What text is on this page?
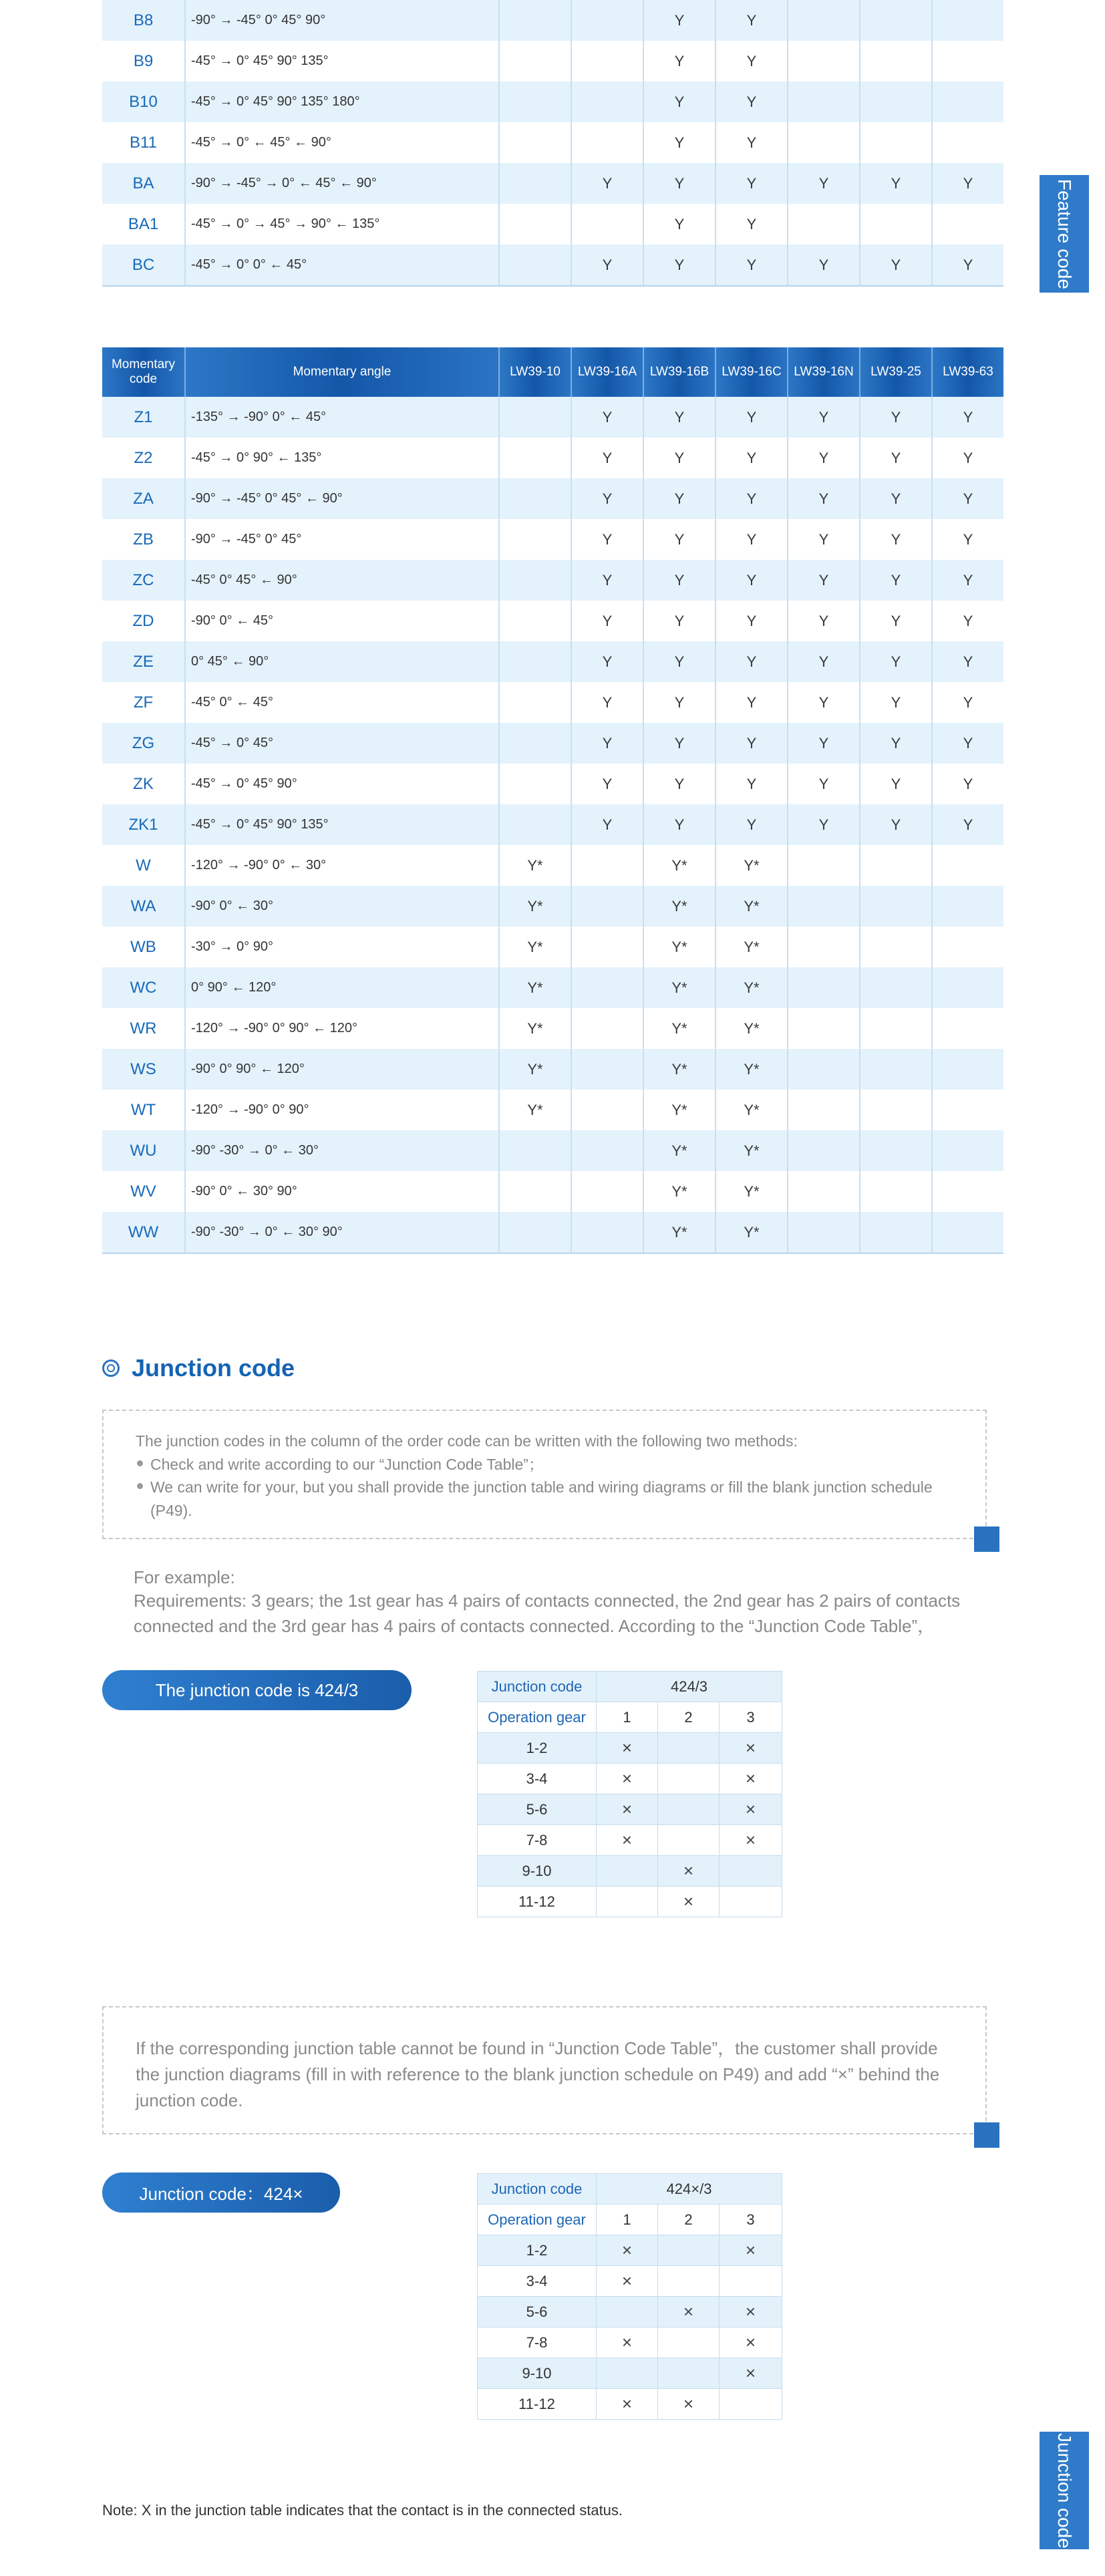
B8	-90° → -45° 0° 45° 90°			Y	Y			
B9	-45° → 0° 45° 90° 135°			Y	Y			
B10	-45° → 0° 45° 90° 135° 180°			Y	Y			
B11	-45° → 0° ← 45° ← 90°			Y	Y			
BA	-90° → -45° → 0° ← 45° ← 90°		Y	Y	Y	Y	Y	Y
BA1	-45° → 0° → 45° → 90° ← 135°			Y	Y			
BC	-45° → 0° 0° ← 45°		Y	Y	Y	Y	Y	Y	Feature code
Momentary code	Momentary angle	LW39-10	LW39-16A	LW39-16B	LW39-16C	LW39-16N	LW39-25	LW39-63
Z1	-135° → -90° 0° ← 45°		Y	Y	Y	Y	Y	Y
Z2	-45° → 0° 90° ← 135°		Y	Y	Y	Y	Y	Y
ZA	-90° → -45° 0° 45° ← 90°		Y	Y	Y	Y	Y	Y
ZB	-90° → -45° 0° 45°		Y	Y	Y	Y	Y	Y
ZC	-45° 0° 45° ← 90°		Y	Y	Y	Y	Y	Y
ZD	-90° 0° ← 45°		Y	Y	Y	Y	Y	Y
ZE	0° 45° ← 90°		Y	Y	Y	Y	Y	Y
ZF	-45° 0° ← 45°		Y	Y	Y	Y	Y	Y
ZG	-45° → 0° 45°		Y	Y	Y	Y	Y	Y
ZK	-45° → 0° 45° 90°		Y	Y	Y	Y	Y	Y
ZK1	-45° → 0° 45° 90° 135°		Y	Y	Y	Y	Y	Y
W	-120° → -90° 0° ← 30°	Y*		Y*	Y*			
WA	-90° 0° ← 30°	Y*		Y*	Y*			
WB	-30° → 0° 90°	Y*		Y*	Y*			
WC	0° 90° ← 120°	Y*		Y*	Y*			
WR	-120° → -90° 0° 90° ← 120°	Y*		Y*	Y*			
WS	-90° 0° 90° ← 120°	Y*		Y*	Y*			
WT	-120° → -90° 0° 90°	Y*		Y*	Y*			
WU	-90° -30° → 0° ← 30°			Y*	Y*			
WV	-90° 0° ← 30° 90°			Y*	Y*			
WW	-90° -30° → 0° ← 30° 90°			Y*	Y*			
Junction code
The junction codes in the column of the order code can be written with the following two methods:
Check and write according to our “Junction Code Table”；
We can write for your, but you shall provide the junction table and wiring diagrams or fill the blank junction schedule (P49).
For example:
Requirements: 3 gears; the 1st gear has 4 pairs of contacts connected, the 2nd gear has 2 pairs of contacts connected and the 3rd gear has 4 pairs of contacts connected. According to the “Junction Code Table”，
The junction code is 424/3	Junction code	424/3		
Operation gear	1	2	3
1-2	×		×
3-4	×		×
5-6	×		×
7-8	×		×
9-10		×	
11-12		×	
If the corresponding junction table cannot be found in “Junction Code Table”，the customer shall provide the junction diagrams (fill in with reference to the blank junction schedule on P49) and add “×” behind the junction code.
Junction code：424×	Junction code	424×/3		
Operation gear	1	2	3
1-2	×		×
3-4	×		
5-6		×	×
7-8	×		×
9-10			×
11-12	×	×	
Junction code
Note: X in the junction table indicates that the contact is in the connected status.
